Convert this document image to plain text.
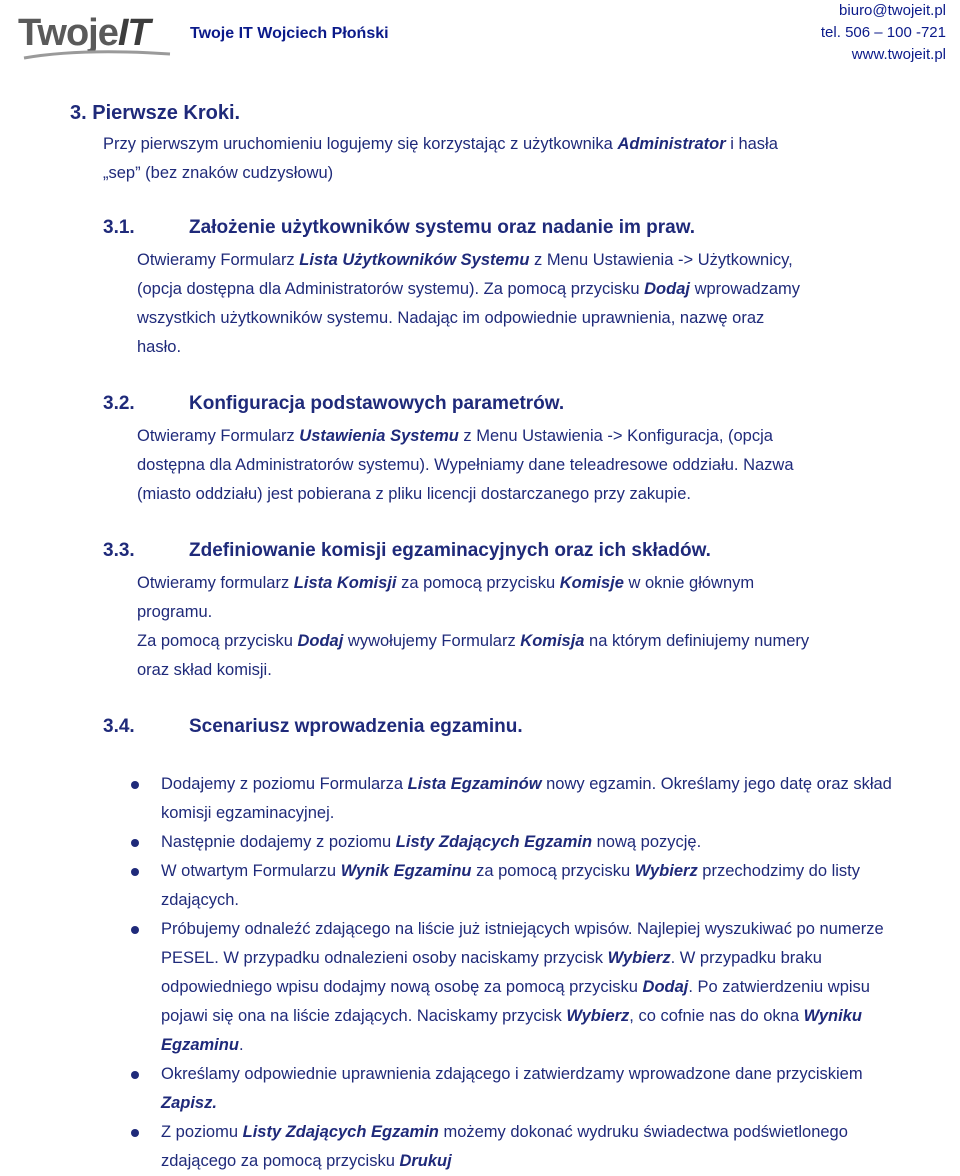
TwojeIT	Twoje IT Wojciech Płoński
biuro@twojeit.pl
tel. 506 – 100 -721
www.twojeit.pl
3. Pierwsze Kroki.
Przy pierwszym uruchomieniu logujemy się korzystając z użytkownika Administrator i hasła
„sep” (bez znaków cudzysłowu)
3.1.	Założenie użytkowników systemu oraz nadanie im praw.
Otwieramy Formularz Lista Użytkowników Systemu z Menu Ustawienia -> Użytkownicy,
(opcja dostępna dla Administratorów systemu). Za pomocą przycisku Dodaj wprowadzamy
wszystkich użytkowników systemu. Nadając im odpowiednie uprawnienia, nazwę oraz
hasło.
3.2.	Konfiguracja podstawowych parametrów.
Otwieramy Formularz Ustawienia Systemu z Menu Ustawienia -> Konfiguracja, (opcja
dostępna dla Administratorów systemu). Wypełniamy dane teleadresowe oddziału. Nazwa
(miasto oddziału) jest pobierana z pliku licencji dostarczanego przy zakupie.
3.3.	Zdefiniowanie komisji egzaminacyjnych oraz ich składów.
Otwieramy formularz Lista Komisji za pomocą przycisku Komisje w oknie głównym
programu.
Za pomocą przycisku Dodaj wywołujemy Formularz Komisja na którym definiujemy numery
oraz skład komisji.
3.4.	Scenariusz wprowadzenia egzaminu.
Dodajemy z poziomu Formularza Lista Egzaminów nowy egzamin. Określamy jego datę oraz skład komisji egzaminacyjnej.
Następnie dodajemy z poziomu Listy Zdających Egzamin nową pozycję.
W otwartym Formularzu Wynik Egzaminu za pomocą przycisku Wybierz przechodzimy do listy zdających.
Próbujemy odnaleźć zdającego na liście już istniejących wpisów. Najlepiej wyszukiwać po numerze PESEL. W przypadku odnalezieni osoby naciskamy przycisk Wybierz. W przypadku braku odpowiedniego wpisu dodajmy nową osobę za pomocą przycisku Dodaj. Po zatwierdzeniu wpisu pojawi się ona na liście zdających. Naciskamy przycisk Wybierz, co cofnie nas do okna Wyniku Egzaminu.
Określamy odpowiednie uprawnienia zdającego i zatwierdzamy wprowadzone dane przyciskiem Zapisz.
Z poziomu Listy Zdających Egzamin możemy dokonać wydruku świadectwa podświetlonego zdającego za pomocą przycisku Drukuj
